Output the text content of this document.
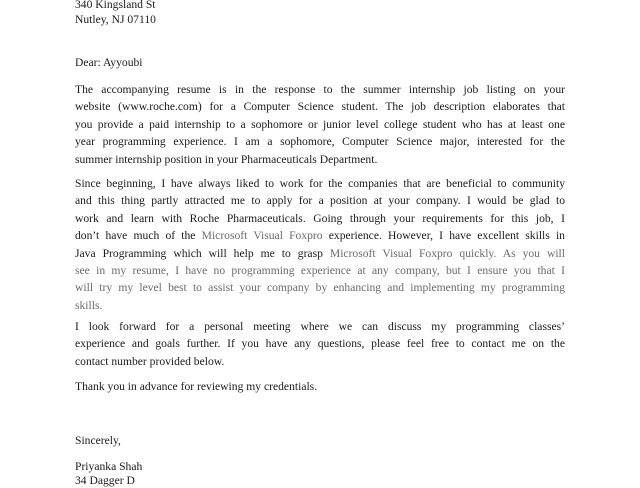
340 Kingsland St
Nutley, NJ 07110
Dear: Ayyoubi
The accompanying resume is in the response to the summer internship job listing on your
website (www.roche.com) for a Computer Science student. The job description elaborates that
you provide a paid internship to a sophomore or junior level college student who has at least one
year programming experience. I am a sophomore, Computer Science major, interested for the
summer internship position in your Pharmaceuticals Department.
Since beginning, I have always liked to work for the companies that are beneficial to community
and this thing partly attracted me to apply for a position at your company. I would be glad to
work and learn with Roche Pharmaceuticals. Going through your requirements for this job, I
don’t have much of the Microsoft Visual Foxpro experience. However, I have excellent skills in
Java Programming which will help me to grasp Microsoft Visual Foxpro quickly. As you will
see in my resume, I have no programming experience at any company, but I ensure you that I
will try my level best to assist your company by enhancing and implementing my programming
skills.
I look forward for a personal meeting where we can discuss my programming classes’
experience and goals further. If you have any questions, please feel free to contact me on the
contact number provided below.
Thank you in advance for reviewing my credentials.
Sincerely,
Priyanka Shah
34 Dagger D
